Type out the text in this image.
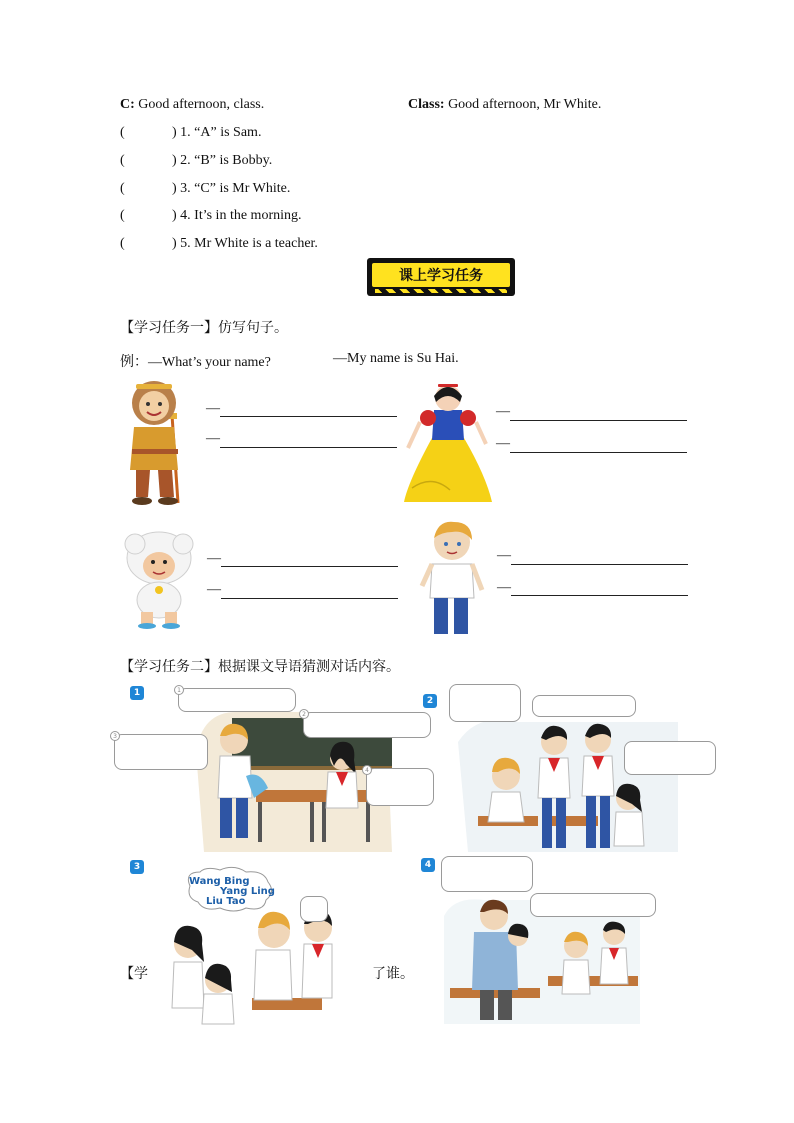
C: Good afternoon, class.	Class: Good afternoon, Mr White.
(	) 1. “A” is Sam.
(	) 2. “B” is Bobby.
(	) 3. “C” is Mr White.
(	) 4. It’s in the morning.
(	) 5. Mr White is a teacher.
课上学习任务
【学习任务一】仿写句子。
例：—What’s your name?	—My name is Su Hai.
—
—
—
—
—
—
—
—
【学习任务二】根据课文导语猜测对话内容。
1	1
3
2
4
2
3
Wang Bing
Yang Ling
Liu Tao
【学	了谁。
4
